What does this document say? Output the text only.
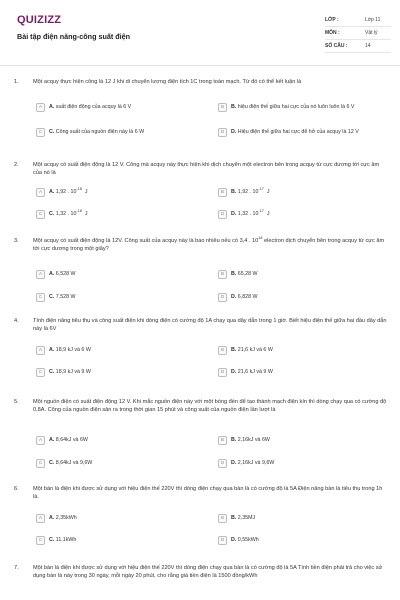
QUIZIZZ
Bài tập điện năng-công suất điện
LỚP :	Lớp 11
MÔN :	Vật lý
SỐ CÂU :	14
1.	Một acquy thực hiện công là 12 J khi di chuyển lượng điện tích 1C trong toàn mạch. Từ đó có thể kết luận là
A	A. suất điện động của acquy là 6 V	B	B. hiệu điện thế giữa hai cực của nó luôn luôn là 6 V
C	C. Công suất của nguồn điện này là 6 W	D	D. Hiệu điện thế giữa hai cực để hở của acquy là 12 V
2.	Một acquy có suất điện động là 12 V. Công mà acquy này thực hiện khi dịch chuyển một electron bên trong acquy từ cực dương tới cực âm của nó là
A	A. 1,92 . $10^{-18}$  J	B	B. 1,92 . $10^{-17}$  J
C	C. 1,32 . $10^{-18}$  J	D	D. 1,32 . $10^{-17}$  J
3.	Một acquy có suất điện động là 12V. Công suất của acquy này là bao nhiêu nếu có 3,4 . $10^{18}$ electron dịch chuyển bên trong acquy từ cực âm tới cực dương trong một giây?
A	A. 6,528 W	B	B. 65,28 W
C	C. 7,528 W	D	D. 6,828 W
4.	Tính điện năng tiêu thụ và công suất điện khi dòng điện có cường độ 1A chạy qua dây dẫn trong 1 giờ. Biết hiệu điện thế giữa hai đầu dây dẫn này là 6V
A	A. 18,9 kJ và 6 W	B	B. 21,6 kJ và 6 W
C	C. 18,9 kJ và 9 W	D	D. 21,6 kJ và 9 W
5.	Một nguồn điện có suất điện động 12 V. Khi mắc nguồn điện này với một bóng đèn để tạo thành mạch điện kín thì dòng chạy qua có cường độ 0,8A. Công của nguồn điện sản ra trong thời gian 15 phút và công suất của nguồn điện lần lượt là
A	A. 8,64kJ và 6W	B	B. 2,16kJ và 6W
C	C. 8,64kJ và 9,6W	D	D. 2,16kJ và 9,6W
6.	Một bàn là điện khi được sử dụng với hiệu điện thế 220V thì dòng điện chạy qua bàn là có cường độ là 5A Điện năng bàn là tiêu thụ trong 1h là.
A	A. 2,35kWh	B	B. 2,35MJ
C	C. 11,1kWh	D	D. 0,55kWh
7.	Một bàn là điện khi được sử dụng với hiệu điện thế 220V thì dòng điện chạy qua bàn là có cường độ là 5A Tính tiền điện phải trả cho việc sử dụng bàn là này trong 30 ngày, mỗi ngày 20 phút, cho rằng giá tiền điện là 1500 đồng/kWh
